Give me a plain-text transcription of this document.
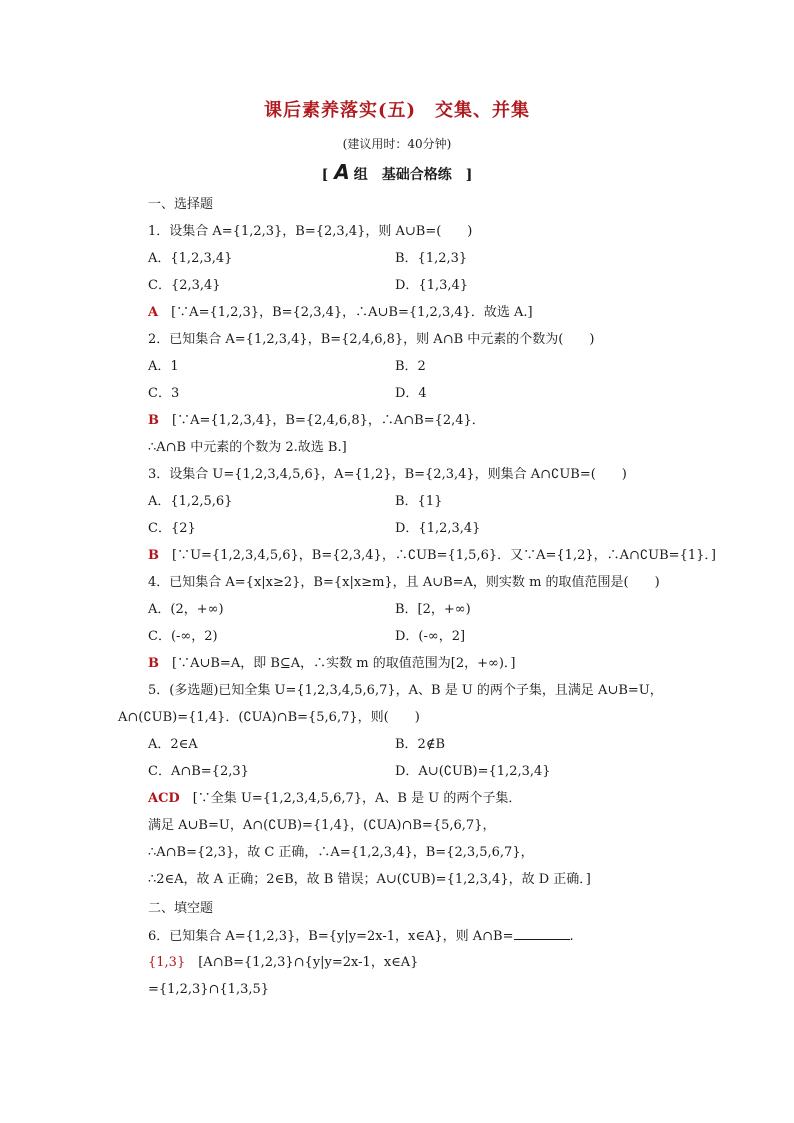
课后素养落实(五)　交集、并集
(建议用时：40分钟)
[ A 组　基础合格练　 ]
一、选择题
1．设集合 A={1,2,3}，B={2,3,4}，则 A∪B=(　　)
A．{1,2,3,4}	B．{1,2,3}
C．{2,3,4}	D．{1,3,4}
A　 [∵A={1,2,3}，B={2,3,4}，∴A∪B={1,2,3,4}．故选 A.]
2．已知集合 A={1,2,3,4}，B={2,4,6,8}，则 A∩B 中元素的个数为(　　)
A．1	B．2
C．3	D．4
B　 [∵A={1,2,3,4}，B={2,4,6,8}，∴A∩B={2,4}．
∴A∩B 中元素的个数为 2.故选 B.]
3．设集合 U={1,2,3,4,5,6}，A={1,2}，B={2,3,4}，则集合 A∩∁UB=(　　)
A．{1,2,5,6}	B．{1}
C．{2}	D．{1,2,3,4}
B　 [∵U={1,2,3,4,5,6}，B={2,3,4}，∴∁UB={1,5,6}．又∵A={1,2}，∴A∩∁UB={1}．]
4．已知集合 A={x|x≥2}，B={x|x≥m}，且 A∪B=A，则实数 m 的取值范围是(　　)
A．(2，+∞)	B．[2，+∞)
C．(-∞，2)	D．(-∞，2]
B　 [∵A∪B=A，即 B⊆A，∴实数 m 的取值范围为[2，+∞)．]
5．(多选题)已知全集 U={1,2,3,4,5,6,7}，A、B 是 U 的两个子集，且满足 A∪B=U，
A∩(∁UB)={1,4}．(∁UA)∩B={5,6,7}，则(　　)
A．2∈A	B．2∉B
C．A∩B={2,3}	D．A∪(∁UB)={1,2,3,4}
ACD　 [∵全集 U={1,2,3,4,5,6,7}，A、B 是 U 的两个子集．
满足 A∪B=U，A∩(∁UB)={1,4}，(∁UA)∩B={5,6,7}，
∴A∩B={2,3}，故 C 正确，∴A={1,2,3,4}，B={2,3,5,6,7}，
∴2∈A，故 A 正确；2∈B，故 B 错误；A∪(∁UB)={1,2,3,4}，故 D 正确．]
二、填空题
6．已知集合 A={1,2,3}，B={y|y=2x-1，x∈A}，则 A∩B=	.
{1,3}　 [A∩B={1,2,3}∩{y|y=2x-1，x∈A}
={1,2,3}∩{1,3,5}
